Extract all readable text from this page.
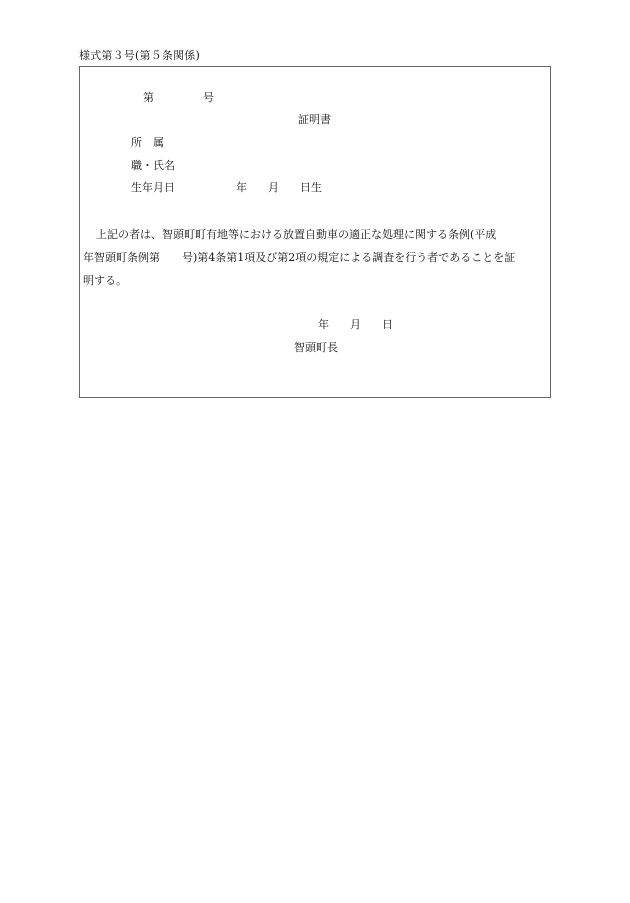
様式第３号(第５条関係)
第	号
証明書
所　属
職・氏名
生年月日	年 月 日生
上記の者は、智頭町町有地等における放置自動車の適正な処理に関する条例(平成
年智頭町条例第　　号)第4条第1項及び第2項の規定による調査を行う者であることを証
明する。
年 月 日
智頭町長
